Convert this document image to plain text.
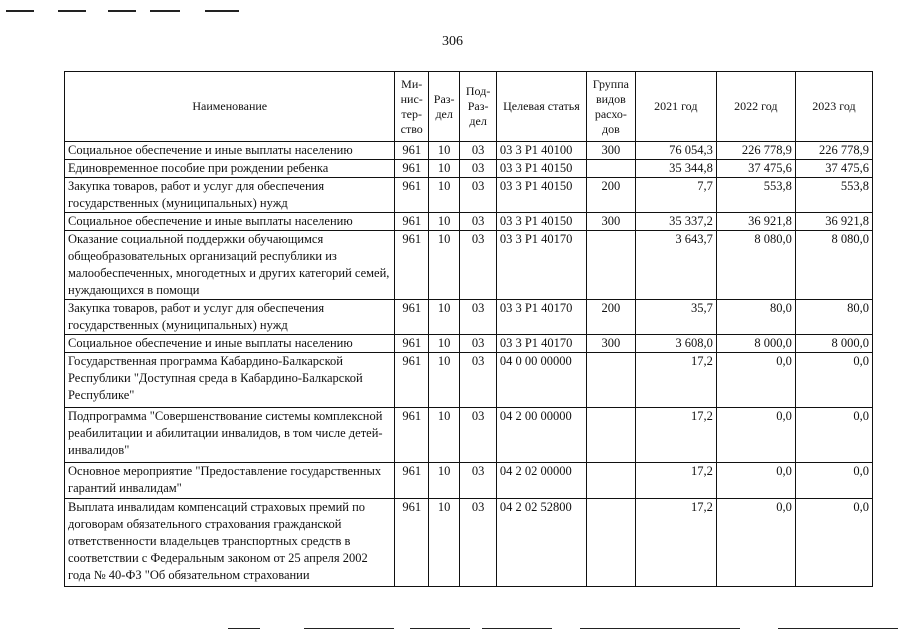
306
Наименование	Ми-нис-тер-ство	Раз-дел	Под-Раз-дел	Целевая статья	Группа видов расхо-дов	2021 год	2022 год	2023 год
Социальное обеспечение и иные выплаты населению	961	10	03	03 3 P1 40100	300	76 054,3	226 778,9	226 778,9
Единовременное пособие при рождении ребенка	961	10	03	03 3 P1 40150		35 344,8	37 475,6	37 475,6
Закупка товаров, работ и услуг для обеспечения государственных (муниципальных) нужд	961	10	03	03 3 P1 40150	200	7,7	553,8	553,8
Социальное обеспечение и иные выплаты населению	961	10	03	03 3 P1 40150	300	35 337,2	36 921,8	36 921,8
Оказание социальной поддержки обучающимся общеобразовательных организаций республики из малообеспеченных, многодетных и других категорий семей, нуждающихся в помощи	961	10	03	03 3 P1 40170		3 643,7	8 080,0	8 080,0
Закупка товаров, работ и услуг для обеспечения государственных (муниципальных) нужд	961	10	03	03 3 P1 40170	200	35,7	80,0	80,0
Социальное обеспечение и иные выплаты населению	961	10	03	03 3 P1 40170	300	3 608,0	8 000,0	8 000,0
Государственная программа Кабардино-Балкарской Республики "Доступная среда в Кабардино-Балкарской Республике"	961	10	03	04 0 00 00000		17,2	0,0	0,0
Подпрограмма "Совершенствование системы комплексной реабилитации и абилитации инвалидов, в том числе детей-инвалидов"	961	10	03	04 2 00 00000		17,2	0,0	0,0
Основное мероприятие "Предоставление государственных гарантий инвалидам"	961	10	03	04 2 02 00000		17,2	0,0	0,0
Выплата инвалидам компенсаций страховых премий по договорам обязательного страхования гражданской ответственности владельцев транспортных средств в соответствии с Федеральным законом от 25 апреля 2002 года № 40-ФЗ "Об обязательном страховании	961	10	03	04 2 02 52800		17,2	0,0	0,0
